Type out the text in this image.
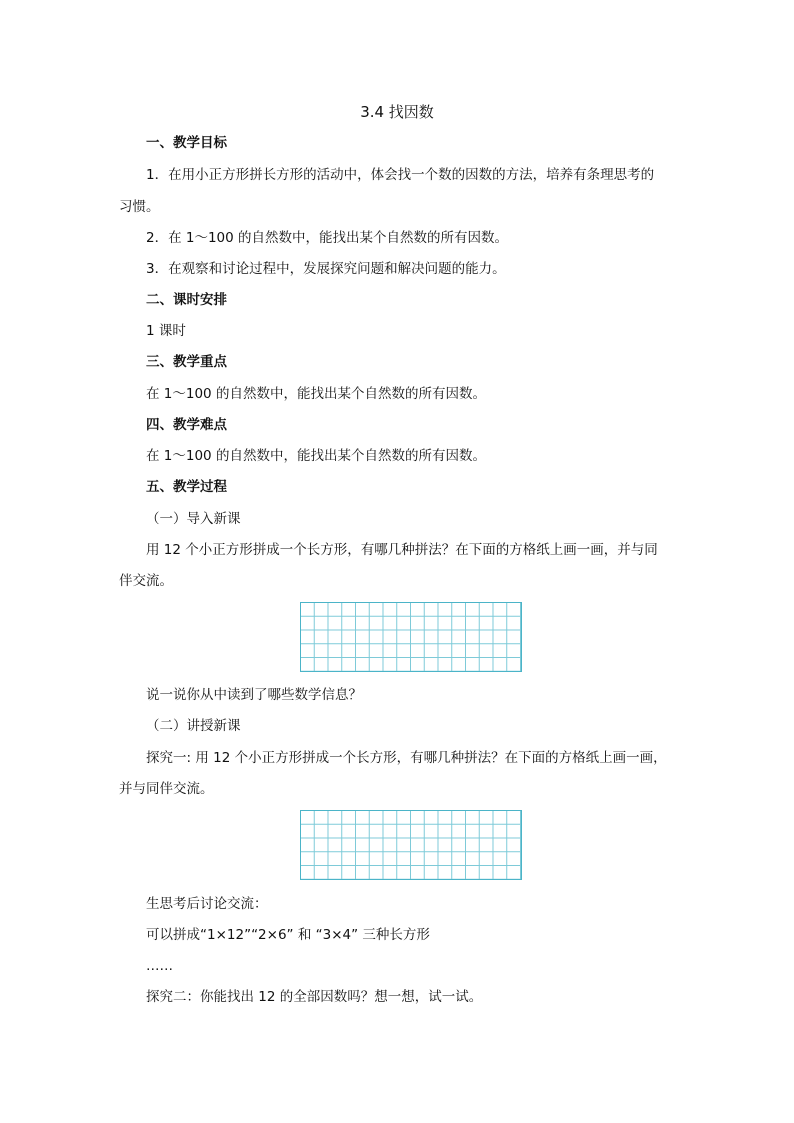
3.4 找因数
一、教学目标
1．在用小正方形拼长方形的活动中，体会找一个数的因数的方法，培养有条理思考的
习惯。
2．在 1～100 的自然数中，能找出某个自然数的所有因数。
3．在观察和讨论过程中，发展探究问题和解决问题的能力。
二、课时安排
1 课时
三、教学重点
在 1～100 的自然数中，能找出某个自然数的所有因数。
四、教学难点
在 1～100 的自然数中，能找出某个自然数的所有因数。
五、教学过程
（一）导入新课
用 12 个小正方形拼成一个长方形，有哪几种拼法？在下面的方格纸上画一画，并与同
伴交流。
说一说你从中读到了哪些数学信息？
（二）讲授新课
探究一: 用 12 个小正方形拼成一个长方形，有哪几种拼法？在下面的方格纸上画一画，
并与同伴交流。
生思考后讨论交流：
可以拼成“1×12”“2×6” 和 “3×4” 三种长方形
……
探究二：你能找出 12 的全部因数吗？想一想，试一试。
